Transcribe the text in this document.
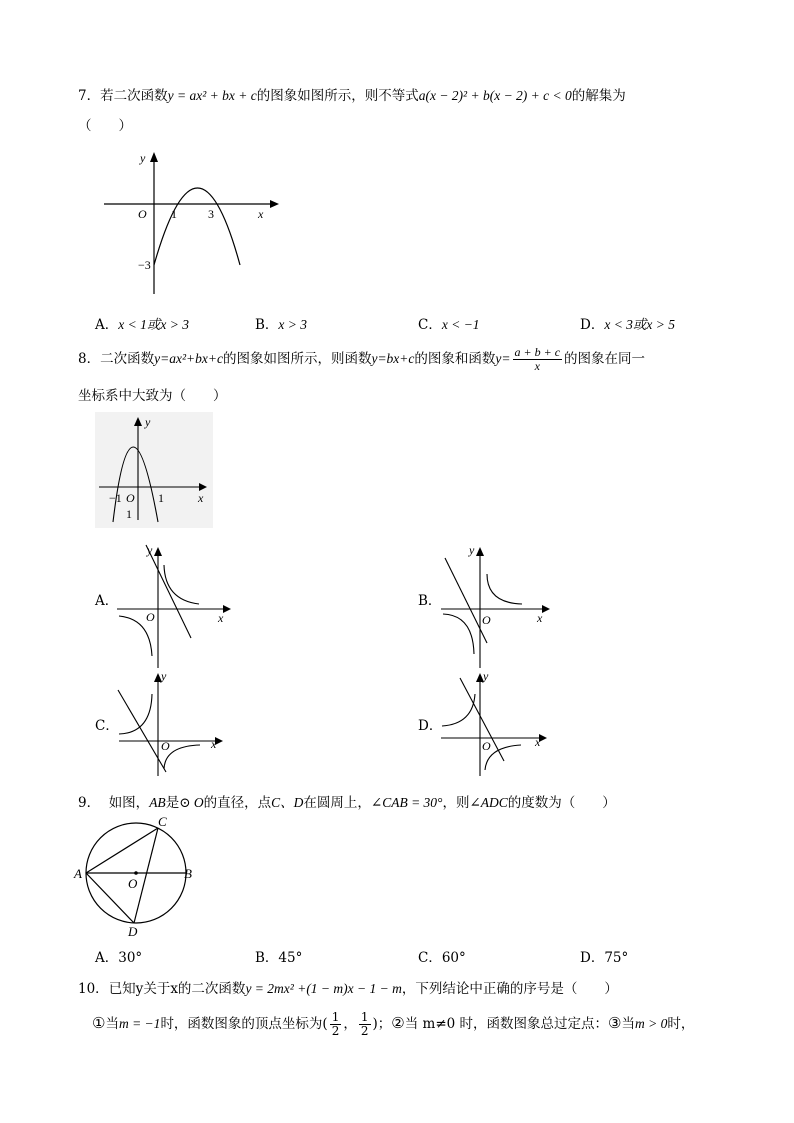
7．若二次函数y = ax² + bx + c的图象如图所示，则不等式a(x − 2)² + b(x − 2) + c < 0的解集为
（　　）
y
x
O 1	3
−3
A．x < 1或x > 3	B．x > 3	C．x < −1	D．x < 3或x > 5
8．二次函数y=ax²+bx+c的图象如图所示，则函数y=bx+c的图象和函数$y= \frac{a + b + c}{x}$ 的图象在同一
坐标系中大致为（　　）
y
x
O
−1	1
1
A．
y
x
O
B．
y
x
O
C．
y
x
O
D．
y
x
O
9． 如图，AB是⊙ O的直径，点C、D在圆周上，∠CAB = 30°，则∠ADC的度数为（　　）
A	B
C
D
O
A．30°	B．45°	C．60°	D．75°
10．已知y关于x的二次函数y = 2mx² +(1 − m)x − 1 − m，下列结论中正确的序号是（　　）
①当m = −1时，函数图象的顶点坐标为( $\frac{1}{2}$ ， $\frac{1}{2}$ )；②当 m≠0 时，函数图象总过定点：③当m > 0时，
